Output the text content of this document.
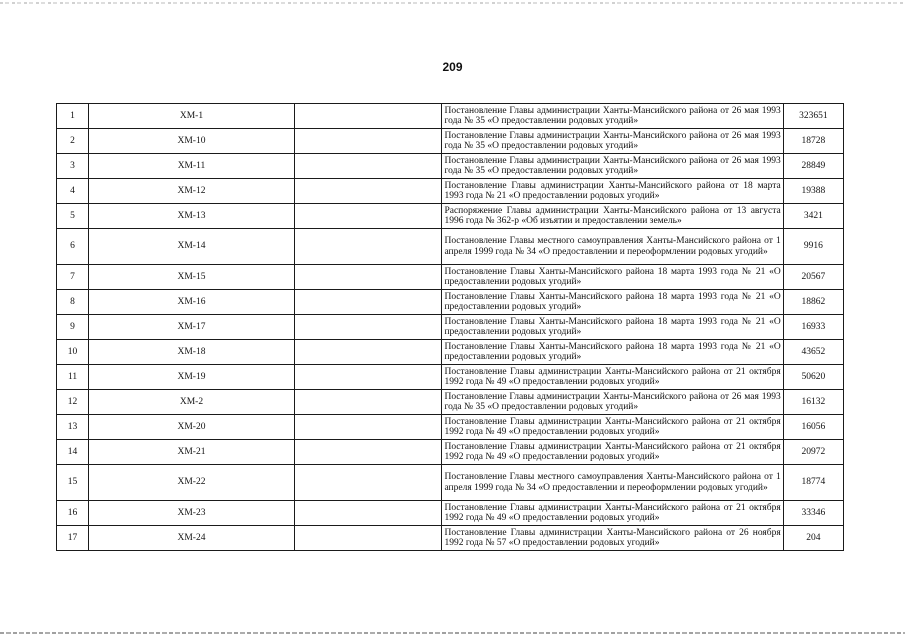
209
1	ХМ-1		Постановление Главы администрации Ханты-Мансийского района от 26 мая 1993 года № 35 «О предоставлении родовых угодий»	323651
2	ХМ-10		Постановление Главы администрации Ханты-Мансийского района от 26 мая 1993 года № 35 «О предоставлении родовых угодий»	18728
3	ХМ-11		Постановление Главы администрации Ханты-Мансийского района от 26 мая 1993 года № 35 «О предоставлении родовых угодий»	28849
4	ХМ-12		Постановление Главы администрации Ханты-Мансийского района от 18 марта 1993 года № 21 «О предоставлении родовых угодий»	19388
5	ХМ-13		Распоряжение Главы администрации Ханты-Мансийского района от 13 августа 1996 года № 362-р «Об изъятии и предоставлении земель»	3421
6	ХМ-14		Постановление Главы местного самоуправления Ханты-Мансийского района от 1 апреля 1999 года № 34 «О предоставлении и переоформлении родовых угодий»	9916
7	ХМ-15		Постановление Главы Ханты-Мансийского района 18 марта 1993 года № 21 «О предоставлении родовых угодий»	20567
8	ХМ-16		Постановление Главы Ханты-Мансийского района 18 марта 1993 года № 21 «О предоставлении родовых угодий»	18862
9	ХМ-17		Постановление Главы Ханты-Мансийского района 18 марта 1993 года № 21 «О предоставлении родовых угодий»	16933
10	ХМ-18		Постановление Главы Ханты-Мансийского района 18 марта 1993 года № 21 «О предоставлении родовых угодий»	43652
11	ХМ-19		Постановление Главы администрации Ханты-Мансийского района от 21 октября 1992 года № 49 «О предоставлении родовых угодий»	50620
12	ХМ-2		Постановление Главы администрации Ханты-Мансийского района от 26 мая 1993 года № 35 «О предоставлении родовых угодий»	16132
13	ХМ-20		Постановление Главы администрации Ханты-Мансийского района от 21 октября 1992 года № 49 «О предоставлении родовых угодий»	16056
14	ХМ-21		Постановление Главы администрации Ханты-Мансийского района от 21 октября 1992 года № 49 «О предоставлении родовых угодий»	20972
15	ХМ-22		Постановление Главы местного самоуправления Ханты-Мансийского района от 1 апреля 1999 года № 34 «О предоставлении и переоформлении родовых угодий»	18774
16	ХМ-23		Постановление Главы администрации Ханты-Мансийского района от 21 октября 1992 года № 49 «О предоставлении родовых угодий»	33346
17	ХМ-24		Постановление Главы администрации Ханты-Мансийского района от 26 ноября 1992 года № 57 «О предоставлении родовых угодий»	204
